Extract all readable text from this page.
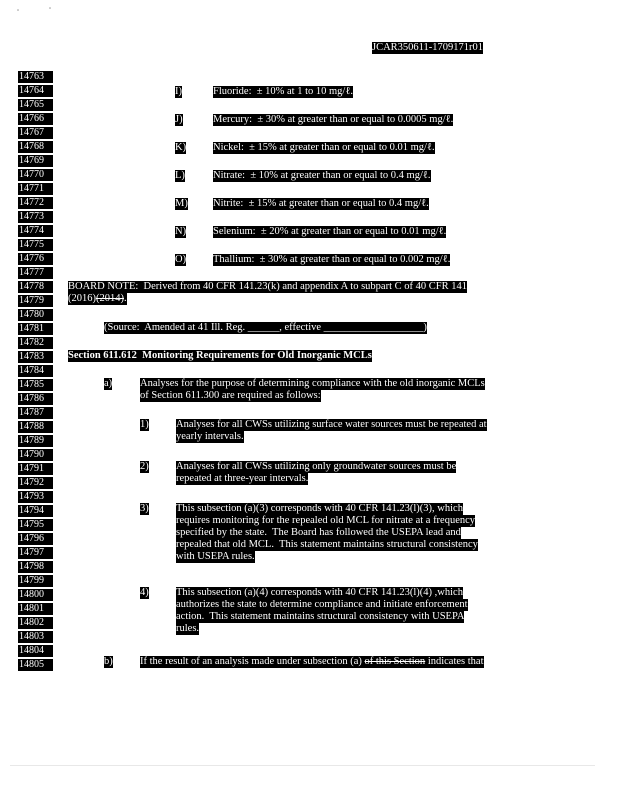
JCAR350611-1709171r01
14763
14764
14765
14766
14767
14768
14769
14770
14771
14772
14773
14774
14775
14776
14777
14778
14779
14780
14781
14782
14783
14784
14785
14786
14787
14788
14789
14790
14791
14792
14793
14794
14795
14796
14797
14798
14799
14800
14801
14802
14803
14804
14805
I)	Fluoride:  ± 10% at 1 to 10 mg/ℓ.
J)	Mercury:  ± 30% at greater than or equal to 0.0005 mg/ℓ.
K)	Nickel:  ± 15% at greater than or equal to 0.01 mg/ℓ.
L)	Nitrate:  ± 10% at greater than or equal to 0.4 mg/ℓ.
M) Nitrite:  ± 15% at greater than or equal to 0.4 mg/ℓ.
N)	Selenium:  ± 20% at greater than or equal to 0.01 mg/ℓ.
O)	Thallium:  ± 30% at greater than or equal to 0.002 mg/ℓ.
BOARD NOTE:  Derived from 40 CFR 141.23(k) and appendix A to subpart C of 40 CFR 141
(2016)(2014).
(Source:  Amended at 41 Ill. Reg. ______, effective ___________________)
Section 611.612  Monitoring Requirements for Old Inorganic MCLs
a)	Analyses for the purpose of determining compliance with the old inorganic MCLs
of Section 611.300 are required as follows:
1)	Analyses for all CWSs utilizing surface water sources must be repeated at
yearly intervals.
2)	Analyses for all CWSs utilizing only groundwater sources must be
repeated at three-year intervals.
3)	This subsection (a)(3) corresponds with 40 CFR 141.23(l)(3), which
requires monitoring for the repealed old MCL for nitrate at a frequency
specified by the state.  The Board has followed the USEPA lead and
repealed that old MCL.  This statement maintains structural consistency
with USEPA rules.
4)	This subsection (a)(4) corresponds with 40 CFR 141.23(l)(4) ,which
authorizes the state to determine compliance and initiate enforcement
action.  This statement maintains structural consistency with USEPA
rules.
b)	If the result of an analysis made under subsection (a) of this Section indicates that
